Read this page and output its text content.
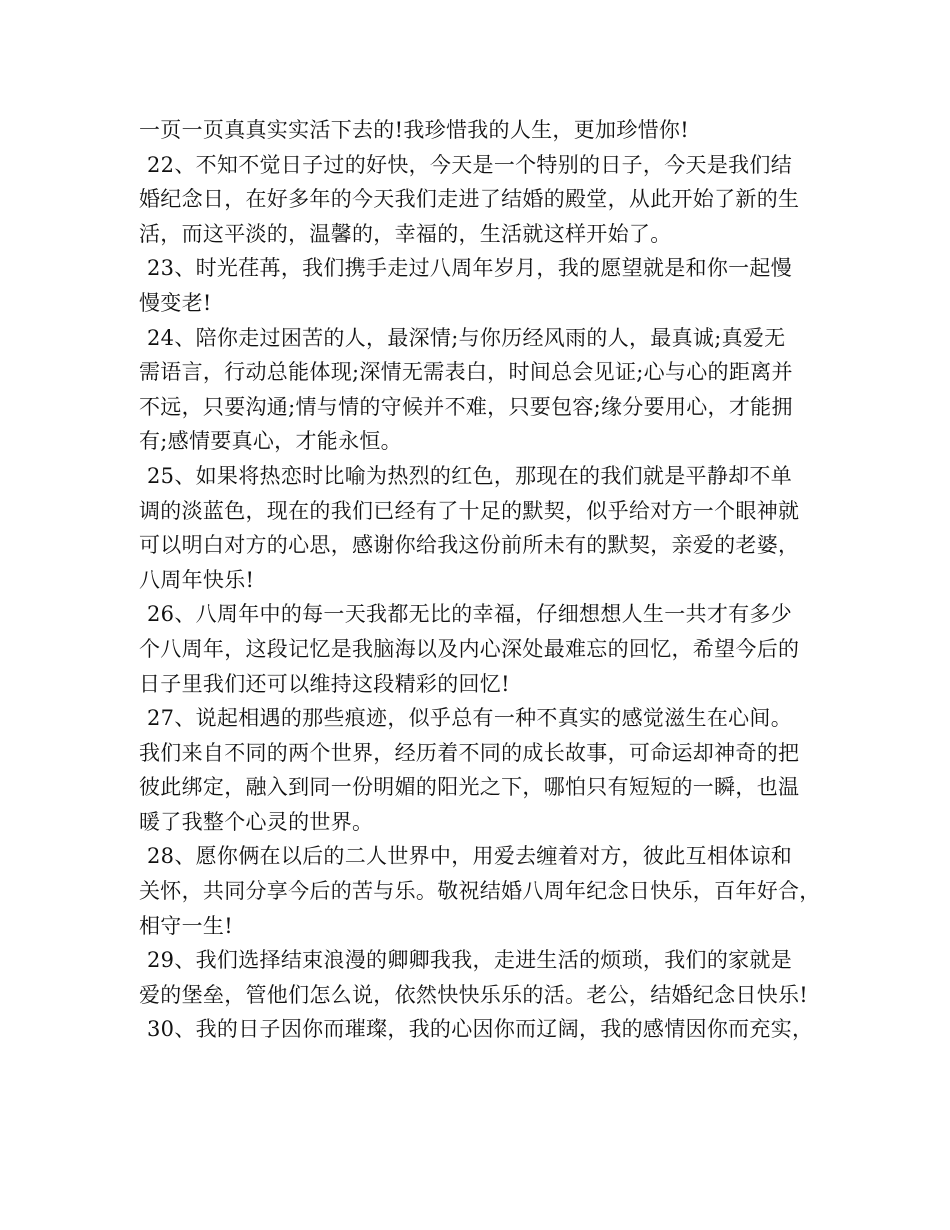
一页一页真真实实活下去的!我珍惜我的人生，更加珍惜你!
22、不知不觉日子过的好快，今天是一个特别的日子，今天是我们结
婚纪念日，在好多年的今天我们走进了结婚的殿堂，从此开始了新的生
活，而这平淡的，温馨的，幸福的，生活就这样开始了。
23、时光荏苒，我们携手走过八周年岁月，我的愿望就是和你一起慢
慢变老!
24、陪你走过困苦的人，最深情;与你历经风雨的人，最真诚;真爱无
需语言，行动总能体现;深情无需表白，时间总会见证;心与心的距离并
不远，只要沟通;情与情的守候并不难，只要包容;缘分要用心，才能拥
有;感情要真心，才能永恒。
25、如果将热恋时比喻为热烈的红色，那现在的我们就是平静却不单
调的淡蓝色，现在的我们已经有了十足的默契，似乎给对方一个眼神就
可以明白对方的心思，感谢你给我这份前所未有的默契，亲爱的老婆，
八周年快乐!
26、八周年中的每一天我都无比的幸福，仔细想想人生一共才有多少
个八周年，这段记忆是我脑海以及内心深处最难忘的回忆，希望今后的
日子里我们还可以维持这段精彩的回忆!
27、说起相遇的那些痕迹，似乎总有一种不真实的感觉滋生在心间。
我们来自不同的两个世界，经历着不同的成长故事，可命运却神奇的把
彼此绑定，融入到同一份明媚的阳光之下，哪怕只有短短的一瞬，也温
暖了我整个心灵的世界。
28、愿你俩在以后的二人世界中，用爱去缠着对方，彼此互相体谅和
关怀，共同分享今后的苦与乐。敬祝结婚八周年纪念日快乐，百年好合，
相守一生!
29、我们选择结束浪漫的卿卿我我，走进生活的烦琐，我们的家就是
爱的堡垒，管他们怎么说，依然快快乐乐的活。老公，结婚纪念日快乐!
30、我的日子因你而璀璨，我的心因你而辽阔，我的感情因你而充实，
